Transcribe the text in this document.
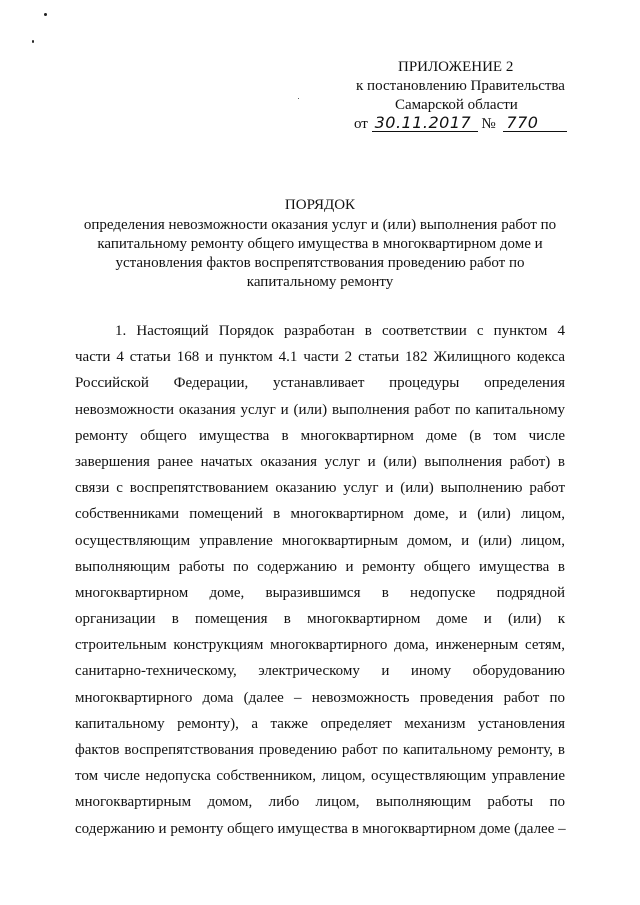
ПРИЛОЖЕНИЕ 2
к постановлению Правительства
Самарской области
от 30.11.2017 № 770
ПОРЯДОК
определения невозможности оказания услуг и (или) выполнения работ по
капитальному ремонту общего имущества в многоквартирном доме и
установления фактов воспрепятствования проведению работ по
капитальному ремонту
1. Настоящий Порядок разработан в соответствии с пунктом 4
части 4 статьи 168 и пунктом 4.1 части 2 статьи 182 Жилищного кодекса
Российской Федерации, устанавливает процедуры определения
невозможности оказания услуг и (или) выполнения работ по капитальному
ремонту общего имущества в многоквартирном доме (в том числе
завершения ранее начатых оказания услуг и (или) выполнения работ) в
связи с воспрепятствованием оказанию услуг и (или) выполнению работ
собственниками помещений в многоквартирном доме, и (или) лицом,
осуществляющим управление многоквартирным домом, и (или) лицом,
выполняющим работы по содержанию и ремонту общего имущества в
многоквартирном доме, выразившимся в недопуске подрядной
организации в помещения в многоквартирном доме и (или) к
строительным конструкциям многоквартирного дома, инженерным сетям,
санитарно-техническому, электрическому и иному оборудованию
многоквартирного дома (далее – невозможность проведения работ по
капитальному ремонту), а также определяет механизм установления
фактов воспрепятствования проведению работ по капитальному ремонту, в
том числе недопуска собственником, лицом, осуществляющим управление
многоквартирным домом, либо лицом, выполняющим работы по
содержанию и ремонту общего имущества в многоквартирном доме (далее –
